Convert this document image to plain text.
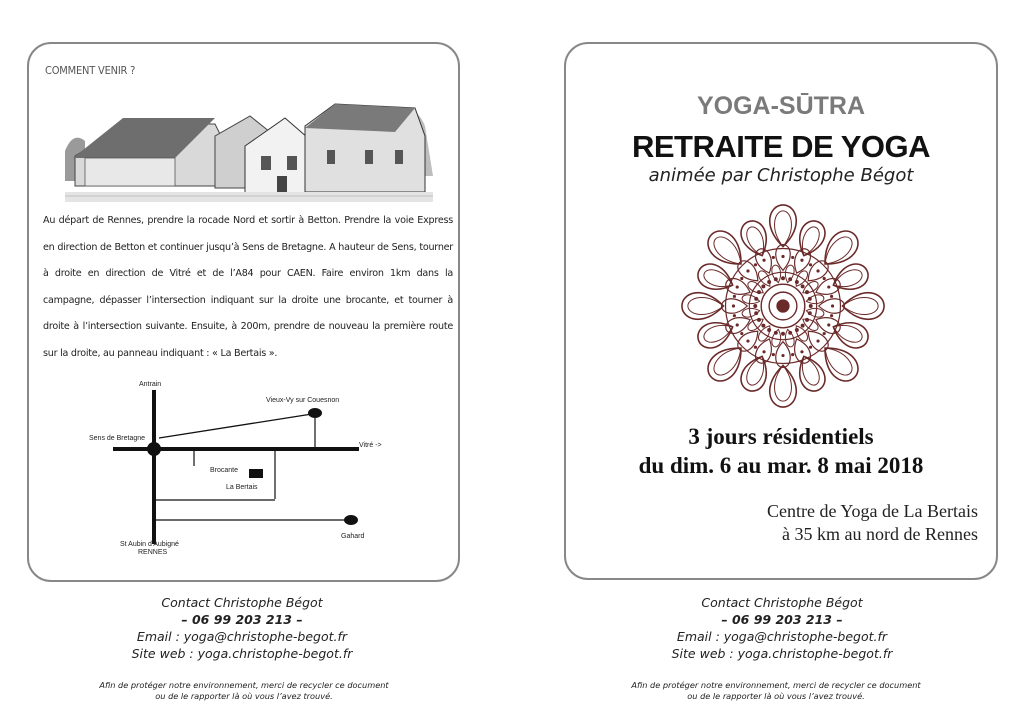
COMMENT VENIR ?
Au départ de Rennes, prendre la rocade Nord et sortir à Betton. Prendre la voie Express en direction de Betton et continuer jusqu’à Sens de Bretagne. A hauteur de Sens, tourner à droite en direction de Vitré et de l’A84 pour CAEN. Faire environ 1km dans la campagne, dépasser l’intersection indiquant sur la droite une brocante, et tourner à droite à l’intersection suivante. Ensuite, à 200m, prendre de nouveau la première route sur la droite, au panneau indiquant : « La Bertais ».
Antrain
Vieux-Vy sur Couesnon
Sens de Bretagne
Vitré ->
Brocante
La Bertais
Gahard
St Aubin d'Aubigné
RENNES
YOGA-SŪTRA
RETRAITE DE YOGA
animée par Christophe Bégot
3 jours résidentiels
du dim. 6 au mar. 8 mai 2018
Centre de Yoga de La Bertais
à 35 km au nord de Rennes
Contact Christophe Bégot
– 06 99 203 213 –
Email : yoga@christophe-begot.fr
Site web : yoga.christophe-begot.fr
Contact Christophe Bégot
– 06 99 203 213 –
Email : yoga@christophe-begot.fr
Site web : yoga.christophe-begot.fr
Afin de protéger notre environnement, merci de recycler ce document
ou de le rapporter là où vous l’avez trouvé.
Afin de protéger notre environnement, merci de recycler ce document
ou de le rapporter là où vous l’avez trouvé.
